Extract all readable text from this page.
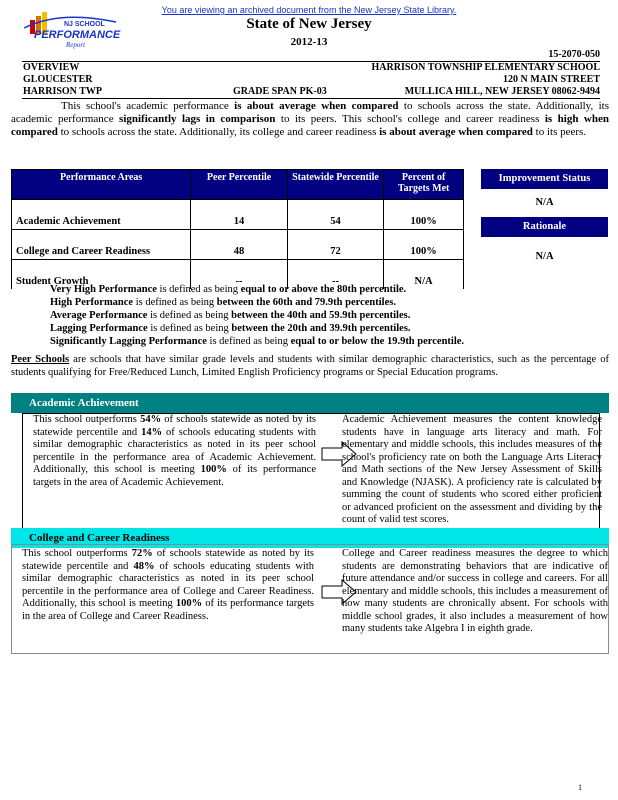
You are viewing an archived document from the New Jersey State Library.
NJ SCHOOL
PERFORMANCE
Report
State of New Jersey
2012-13
15-2070-050
OVERVIEW	HARRISON TOWNSHIP ELEMENTARY SCHOOL
GLOUCESTER	120 N MAIN STREET
HARRISON TWP	GRADE SPAN PK-03	MULLICA HILL, NEW JERSEY 08062-9494
This school's academic performance is about average when compared to schools across the state. Additionally, its academic performance significantly lags in comparison to its peers. This school's college and career readiness is high when compared to schools across the state. Additionally, its college and career readiness is about average when compared to its peers.
Performance Areas	Peer Percentile	Statewide Percentile	Percent of Targets Met
Academic Achievement	14	54	100%
College and Career Readiness	48	72	100%
Student Growth	--	--	N/A
Improvement Status
N/A
Rationale
N/A
Very High Performance is defined as being equal to or above the 80th percentile.
High Performance is defined as being between the 60th and 79.9th percentiles.
Average Performance is defined as being between the 40th and 59.9th percentiles.
Lagging Performance is defined as being between the 20th and 39.9th percentiles.
Significantly Lagging Performance is defined as being equal to or below the 19.9th percentile.
Peer Schools are schools that have similar grade levels and students with similar demographic characteristics, such as the percentage of students qualifying for Free/Reduced Lunch, Limited English Proficiency programs or Special Education programs.
Academic Achievement
This school outperforms 54% of schools statewide as noted by its statewide percentile and 14% of schools educating students with similar demographic characteristics as noted in its peer school percentile in the performance area of Academic Achievement. Additionally, this school is meeting 100% of its performance targets in the area of Academic Achievement.
Academic Achievement measures the content knowledge students have in language arts literacy and math. For elementary and middle schools, this includes measures of the school's proficiency rate on both the Language Arts Literacy and Math sections of the New Jersey Assessment of Skills and Knowledge (NJASK). A proficiency rate is calculated by summing the count of students who scored either proficient or advanced proficient on the assessment and dividing by the count of valid test scores.
College and Career Readiness
This school outperforms 72% of schools statewide as noted by its statewide percentile and 48% of schools educating students with similar demographic characteristics as noted in its peer school percentile in the performance area of College and Career Readiness. Additionally, this school is meeting 100% of its performance targets in the area of College and Career Readiness.
College and Career readiness measures the degree to which students are demonstrating behaviors that are indicative of future attendance and/or success in college and careers. For all elementary and middle schools, this includes a measurement of how many students are chronically absent. For schools with middle school grades, it also includes a measurement of how many students take Algebra I in eighth grade.
1
